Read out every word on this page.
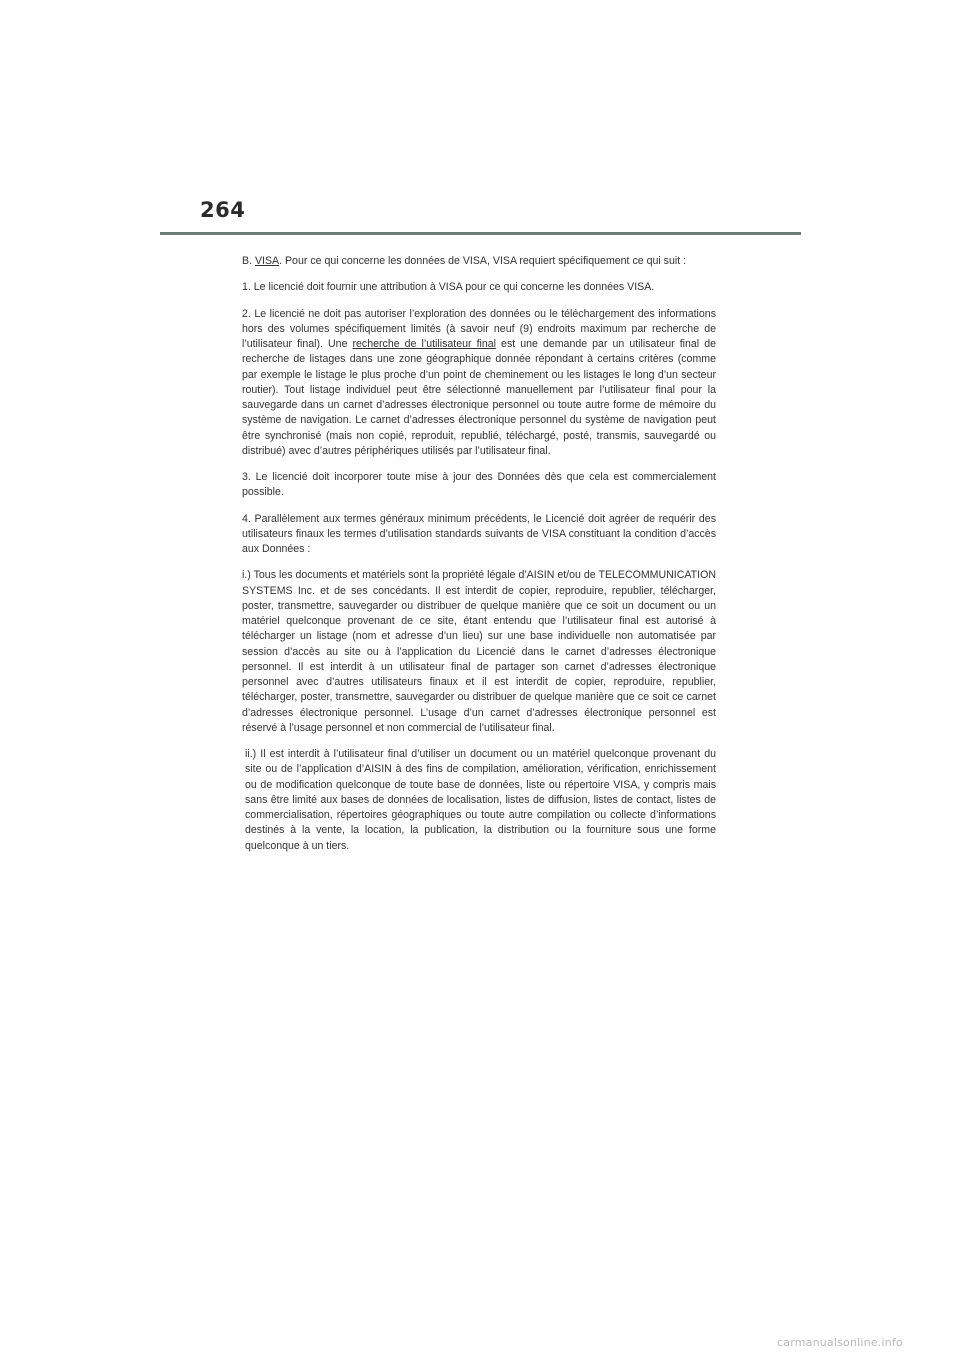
264

B. VISA. Pour ce qui concerne les données de VISA, VISA requiert spécifiquement ce qui suit :

1. Le licencié doit fournir une attribution à VISA pour ce qui concerne les données VISA.

2. Le licencié ne doit pas autoriser l’exploration des données ou le téléchargement des informations hors des volumes spécifiquement limités (à savoir neuf (9) endroits maximum par recherche de l’utilisateur final). Une recherche de l’utilisateur final est une demande par un utilisateur final de recherche de listages dans une zone géographique donnée répondant à certains critères (comme par exemple le listage le plus proche d’un point de cheminement ou les listages le long d’un secteur routier). Tout listage individuel peut être sélectionné manuellement par l’utilisateur final pour la sauvegarde dans un carnet d’adresses électronique personnel ou toute autre forme de mémoire du système de navigation. Le carnet d’adresses électronique personnel du système de navigation peut être synchronisé (mais non copié, reproduit, republié, téléchargé, posté, transmis, sauvegardé ou distribué) avec d’autres périphériques utilisés par l’utilisateur final.

3. Le licencié doit incorporer toute mise à jour des Données dès que cela est commercialement possible.

4. Parallèlement aux termes généraux minimum précédents, le Licencié doit agréer de requérir des utilisateurs finaux les termes d’utilisation standards suivants de VISA constituant la condition d’accès aux Données :

i.) Tous les documents et matériels sont la propriété légale d’AISIN et/ou de TELECOMMUNICATION SYSTEMS Inc. et de ses concédants. Il est interdit de copier, reproduire, republier, télécharger, poster, transmettre, sauvegarder ou distribuer de quelque manière que ce soit un document ou un matériel quelconque provenant de ce site, étant entendu que l’utilisateur final est autorisé à télécharger un listage (nom et adresse d’un lieu) sur une base individuelle non automatisée par session d’accès au site ou à l’application du Licencié dans le carnet d’adresses électronique personnel. Il est interdit à un utilisateur final de partager son carnet d’adresses électronique personnel avec d’autres utilisateurs finaux et il est interdit de copier, reproduire, republier, télécharger, poster, transmettre, sauvegarder ou distribuer de quelque manière que ce soit ce carnet d’adresses électronique personnel. L’usage d’un carnet d’adresses électronique personnel est réservé à l’usage personnel et non commercial de l’utilisateur final.

ii.) Il est interdit à l’utilisateur final d’utiliser un document ou un matériel quelconque provenant du site ou de l’application d’AISIN à des fins de compilation, amélioration, vérification, enrichissement ou de modification quelconque de toute base de données, liste ou répertoire VISA, y compris mais sans être limité aux bases de données de localisation, listes de diffusion, listes de contact, listes de commercialisation, répertoires géographiques ou toute autre compilation ou collecte d’informations destinés à la vente, la location, la publication, la distribution ou la fourniture sous une forme quelconque à un tiers.

carmanualsonline.info
